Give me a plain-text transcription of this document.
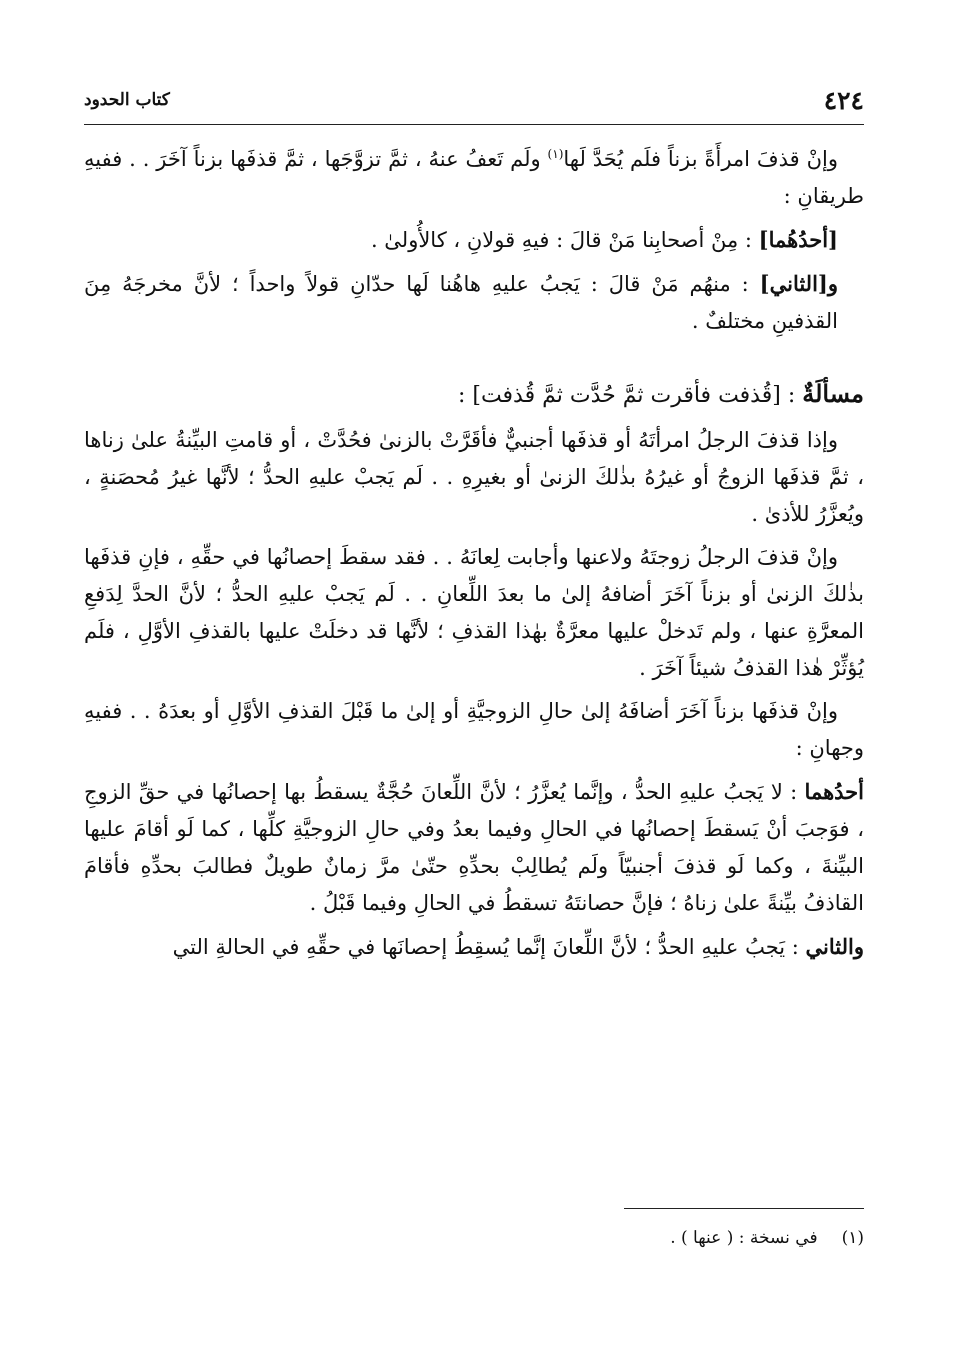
٤٢٤
كتاب الحدود

وإنْ قذفَ امرأَةً بزناً فلَم يُحَدَّ لَها$^{(١)}$ ولَم تَعفُ عنهُ ، ثمَّ تزوَّجَها ، ثمَّ قذفَها بزناً آخَرَ . . ففيهِ طريقانِ :

[أحدُهُما] : مِنْ أصحابِنا مَنْ قالَ : فيهِ قولانِ ، كالأُولىٰ .

و[الثاني] : منهُم مَنْ قالَ : يَجبُ عليهِ هاهُنا لَها حدّانِ قولاً واحداً ؛ لأنَّ مخرجَهُ مِنَ القذفينِ مختلفٌ .

مسألَةٌ : [قُذفت فأقرت ثمَّ حُدَّت ثمَّ قُذفت] :

وإذا قذفَ الرجلُ امرأتَهُ أو قذفَها أجنبيٌّ فأقَرَّتْ بالزنىٰ فحُدَّتْ ، أو قامتِ البيِّنةُ علىٰ زناها ، ثمَّ قذفَها الزوجُ أو غيرُهُ بذٰلكَ الزنىٰ أو بغيرِهِ . . لَم يَجبْ عليهِ الحدُّ ؛ لأنَّها غيرُ مُحصَنةٍ ، ويُعزَّرُ للأذىٰ .

وإنْ قذفَ الرجلُ زوجتَهُ ولاعنها وأجابت لِعانَهُ . . فقد سقطَ إحصانُها في حقِّهِ ، فإنِ قذفَها بذٰلكَ الزنىٰ أو بزناً آخَرَ أضافهُ إلىٰ ما بعدَ اللِّعانِ . . لَم يَجبْ عليهِ الحدُّ ؛ لأنَّ الحدَّ لِدَفعِ المعرَّةِ عنها ، ولم تَدخلْ عليها معرَّةٌ بهٰذا القذفِ ؛ لأنَّها قد دخلَتْ عليها بالقذفِ الأوَّلِ ، فلَم يُؤثِّرْ هٰذا القذفُ شيئاً آخَرَ .

وإنْ قذفَها بزناً آخَرَ أضافَهُ إلىٰ حالِ الزوجيَّةِ أو إلىٰ ما قَبْلَ القذفِ الأوَّلِ أو بعدَهُ . . ففيهِ وجهانِ :

أحدُهما : لا يَجبُ عليهِ الحدُّ ، وإنَّما يُعزَّرُ ؛ لأنَّ اللِّعانَ حُجَّةٌ يسقطُ بها إحصانُها في حقِّ الزوجِ ، فوَجبَ أنْ يَسقطَ إحصانُها في الحالِ وفيما بعدُ وفي حالِ الزوجيَّةِ كلِّها ، كما لَو أقامَ عليها البيِّنةَ ، وكما لَو قذفَ أجنبيّاً ولَم يُطالِبْ بحدِّهِ حتّىٰ مرَّ زمانٌ طويلٌ فطالبَ بحدِّهِ فأقامَ القاذفُ بيِّنةً علىٰ زناهُ ؛ فإنَّ حصانتَهُ تسقطُ في الحالِ وفيما قَبْلُ .

والثاني : يَجبُ عليهِ الحدُّ ؛ لأنَّ اللِّعانَ إنَّما يُسقِطُ إحصانَها في حقِّهِ في الحالةِ التي

(١)في نسخة : ( عنها ) .
